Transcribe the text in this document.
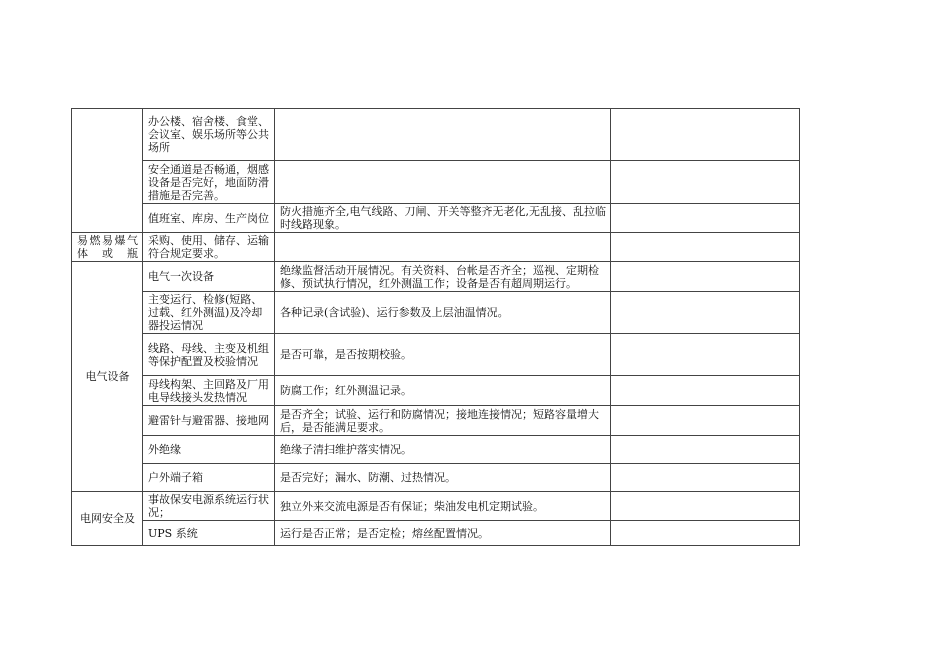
	办公楼、宿舍楼、食堂、会议室、娱乐场所等公共场所		
	安全通道是否畅通，烟感设备是否完好，地面防滑措施是否完善。		
	值班室、库房、生产岗位	防火措施齐全,电气线路、刀闸、开关等整齐无老化,无乱接、乱拉临时线路现象。	
易燃易爆气体或瓶	采购、使用、储存、运输符合规定要求。		
电气设备	电气一次设备	绝缘监督活动开展情况。有关资料、台帐是否齐全；巡视、定期检修、预试执行情况，红外测温工作；设备是否有超周期运行。	
	主变运行、检修(短路、过载、红外测温)及冷却器投运情况	各种记录(含试验)、运行参数及上层油温情况。	
	线路、母线、主变及机组等保护配置及校验情况	是否可靠，是否按期校验。	
	母线构架、主回路及厂用电导线接头发热情况	防腐工作；红外测温记录。	
	避雷针与避雷器、接地网	是否齐全；试验、运行和防腐情况；接地连接情况；短路容量增大后，是否能满足要求。	
	外绝缘	绝缘子清扫维护落实情况。	
	户外端子箱	是否完好；漏水、防潮、过热情况。	
电网安全及	事故保安电源系统运行状况；	独立外来交流电源是否有保证；柴油发电机定期试验。	
	UPS 系统	运行是否正常；是否定检；熔丝配置情况。	
